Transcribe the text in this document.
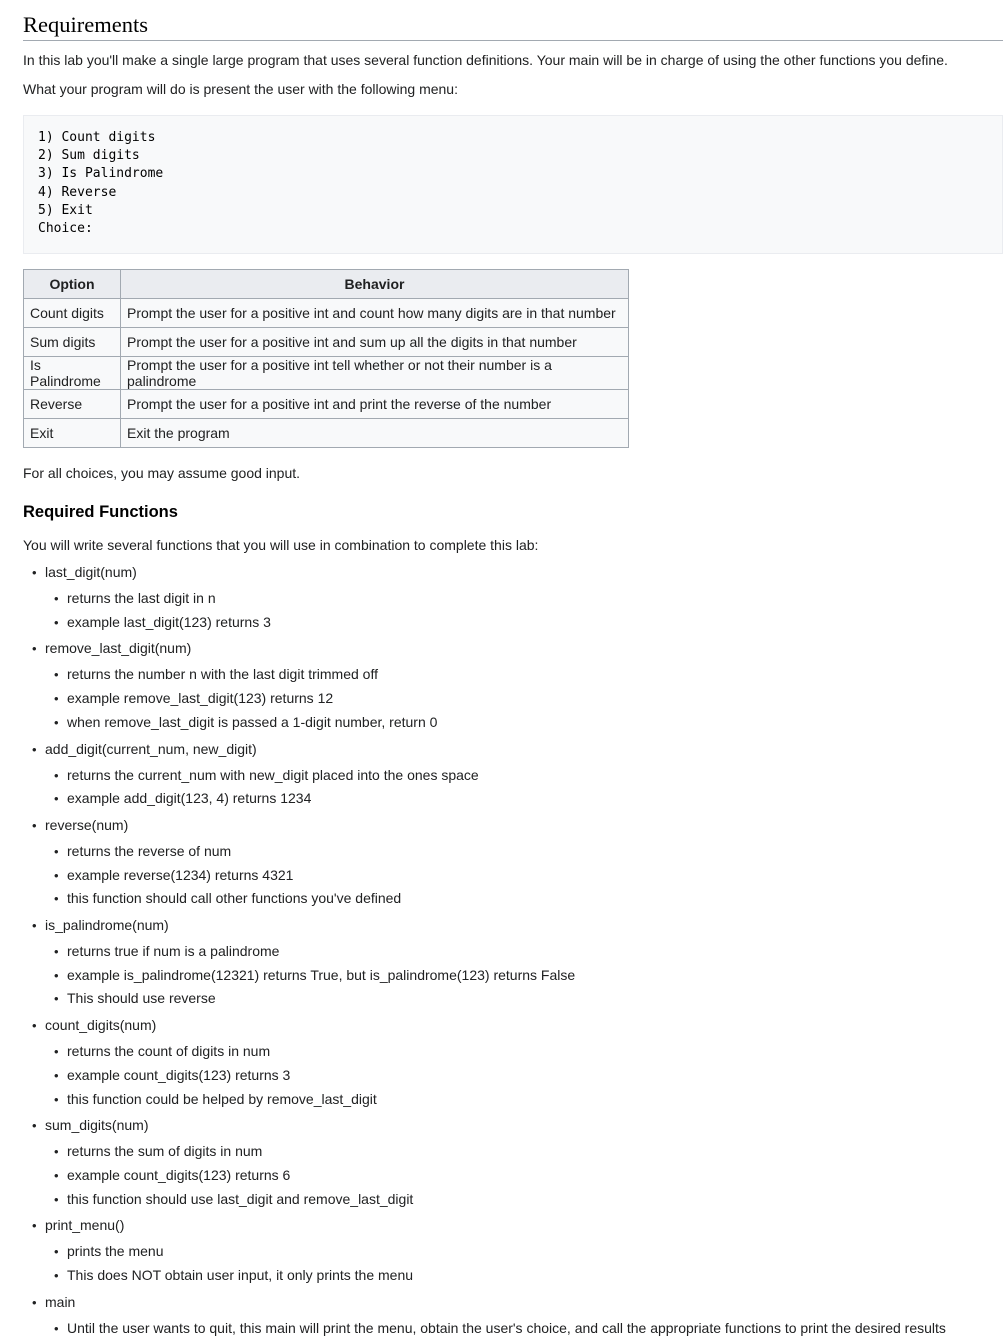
Requirements

In this lab you'll make a single large program that uses several function definitions. Your main will be in charge of using the other functions you define.

What your program will do is present the user with the following menu:

1) Count digits
2) Sum digits
3) Is Palindrome
4) Reverse
5) Exit
Choice:
Option	Behavior
Count digits	Prompt the user for a positive int and count how many digits are in that number
Sum digits	Prompt the user for a positive int and sum up all the digits in that number
Is Palindrome	Prompt the user for a positive int tell whether or not their number is a palindrome
Reverse	Prompt the user for a positive int and print the reverse of the number
Exit	Exit the program

For all choices, you may assume good input.

Required Functions

You will write several functions that you will use in combination to complete this lab:

• last_digit(num)
• returns the last digit in n
• example last_digit(123) returns 3
• remove_last_digit(num)
• returns the number n with the last digit trimmed off
• example remove_last_digit(123) returns 12
• when remove_last_digit is passed a 1-digit number, return 0
• add_digit(current_num, new_digit)
• returns the current_num with new_digit placed into the ones space
• example add_digit(123, 4) returns 1234
• reverse(num)
• returns the reverse of num
• example reverse(1234) returns 4321
• this function should call other functions you've defined
• is_palindrome(num)
• returns true if num is a palindrome
• example is_palindrome(12321) returns True, but is_palindrome(123) returns False
• This should use reverse
• count_digits(num)
• returns the count of digits in num
• example count_digits(123) returns 3
• this function could be helped by remove_last_digit
• sum_digits(num)
• returns the sum of digits in num
• example count_digits(123) returns 6
• this function should use last_digit and remove_last_digit
• print_menu()
• prints the menu
• This does NOT obtain user input, it only prints the menu
• main
• Until the user wants to quit, this main will print the menu, obtain the user's choice, and call the appropriate functions to print the desired results
